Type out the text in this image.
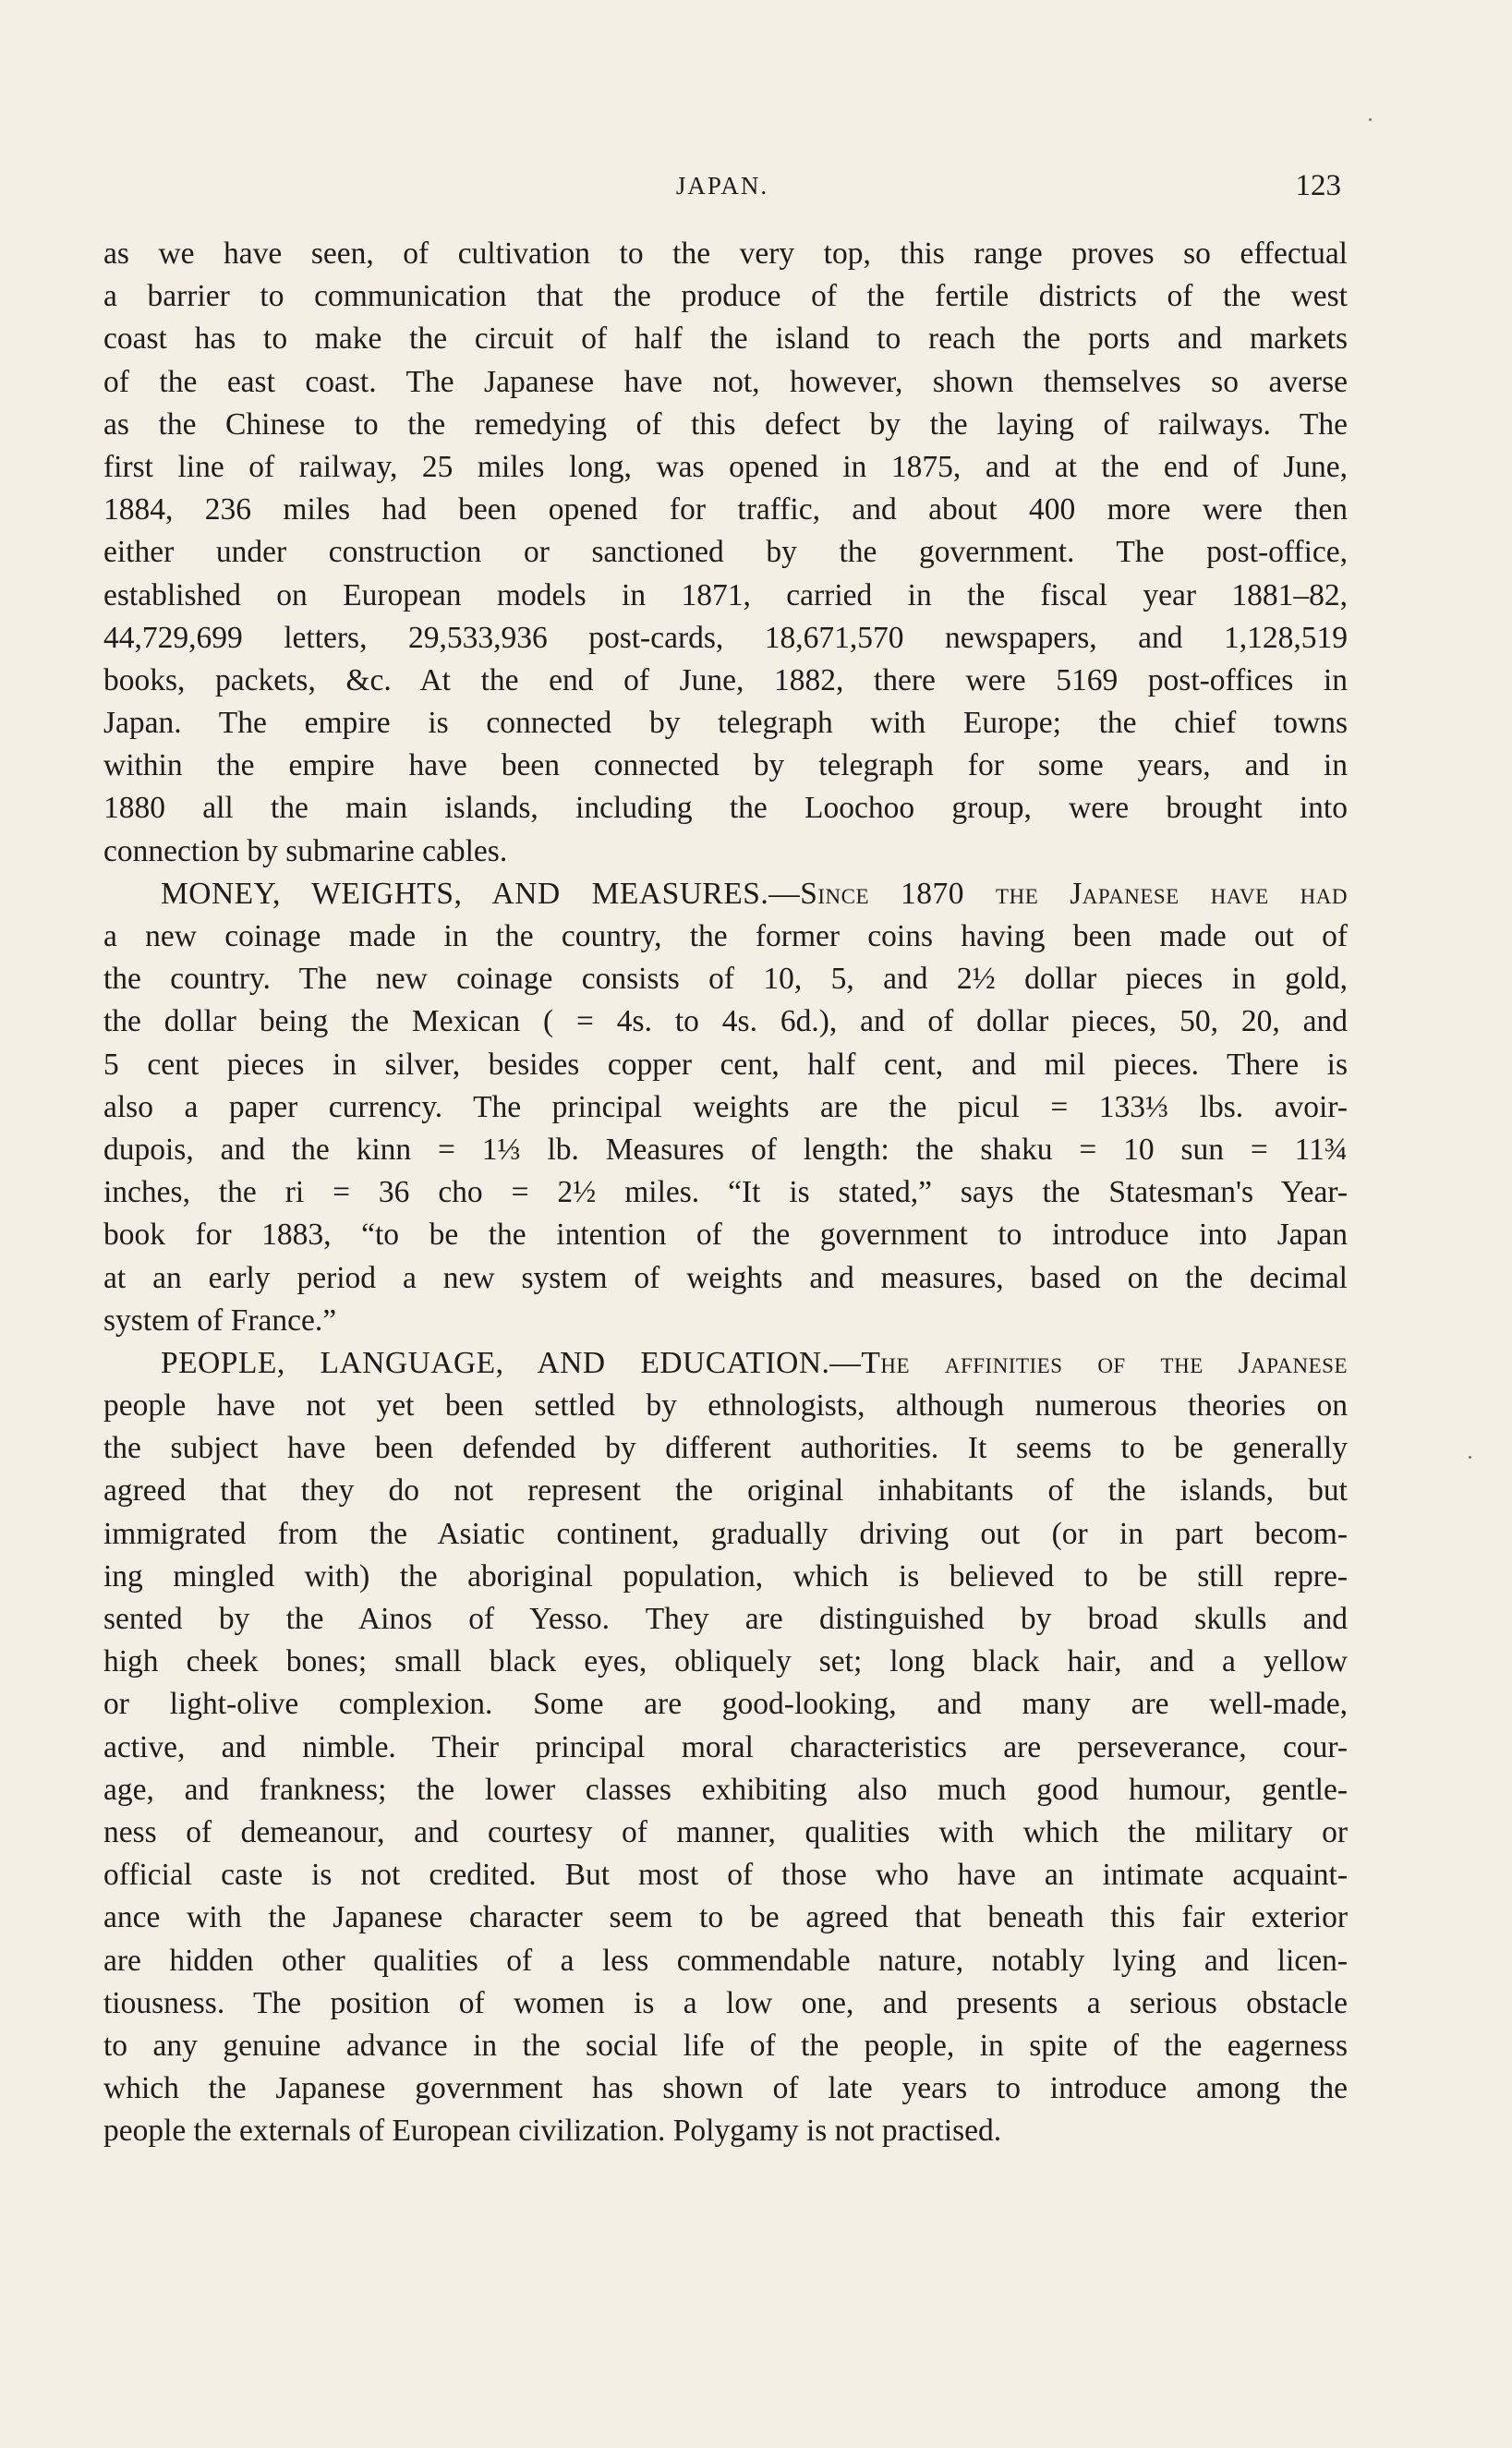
JAPAN.	123
as we have seen, of cultivation to the very top, this range proves so effectual
a barrier to communication that the produce of the fertile districts of the west
coast has to make the circuit of half the island to reach the ports and markets
of the east coast. The Japanese have not, however, shown themselves so averse
as the Chinese to the remedying of this defect by the laying of railways. The
first line of railway, 25 miles long, was opened in 1875, and at the end of June,
1884, 236 miles had been opened for traffic, and about 400 more were then
either under construction or sanctioned by the government. The post-office,
established on European models in 1871, carried in the fiscal year 1881–82,
44,729,699 letters, 29,533,936 post-cards, 18,671,570 newspapers, and 1,128,519
books, packets, &c. At the end of June, 1882, there were 5169 post-offices in
Japan. The empire is connected by telegraph with Europe; the chief towns
within the empire have been connected by telegraph for some years, and in
1880 all the main islands, including the Loochoo group, were brought into
connection by submarine cables.
MONEY, WEIGHTS, AND MEASURES.—Since 1870 the Japanese have had
a new coinage made in the country, the former coins having been made out of
the country. The new coinage consists of 10, 5, and 2½ dollar pieces in gold,
the dollar being the Mexican ( = 4s. to 4s. 6d.), and of dollar pieces, 50, 20, and
5 cent pieces in silver, besides copper cent, half cent, and mil pieces. There is
also a paper currency. The principal weights are the picul = 133⅓ lbs. avoir-
dupois, and the kinn = 1⅓ lb. Measures of length: the shaku = 10 sun = 11¾
inches, the ri = 36 cho = 2½ miles. “It is stated,” says the Statesman's Year-
book for 1883, “to be the intention of the government to introduce into Japan
at an early period a new system of weights and measures, based on the decimal
system of France.”
PEOPLE, LANGUAGE, AND EDUCATION.—The affinities of the Japanese
people have not yet been settled by ethnologists, although numerous theories on
the subject have been defended by different authorities. It seems to be generally
agreed that they do not represent the original inhabitants of the islands, but
immigrated from the Asiatic continent, gradually driving out (or in part becom-
ing mingled with) the aboriginal population, which is believed to be still repre-
sented by the Ainos of Yesso. They are distinguished by broad skulls and
high cheek bones; small black eyes, obliquely set; long black hair, and a yellow
or light-olive complexion. Some are good-looking, and many are well-made,
active, and nimble. Their principal moral characteristics are perseverance, cour-
age, and frankness; the lower classes exhibiting also much good humour, gentle-
ness of demeanour, and courtesy of manner, qualities with which the military or
official caste is not credited. But most of those who have an intimate acquaint-
ance with the Japanese character seem to be agreed that beneath this fair exterior
are hidden other qualities of a less commendable nature, notably lying and licen-
tiousness. The position of women is a low one, and presents a serious obstacle
to any genuine advance in the social life of the people, in spite of the eagerness
which the Japanese government has shown of late years to introduce among the
people the externals of European civilization. Polygamy is not practised.
